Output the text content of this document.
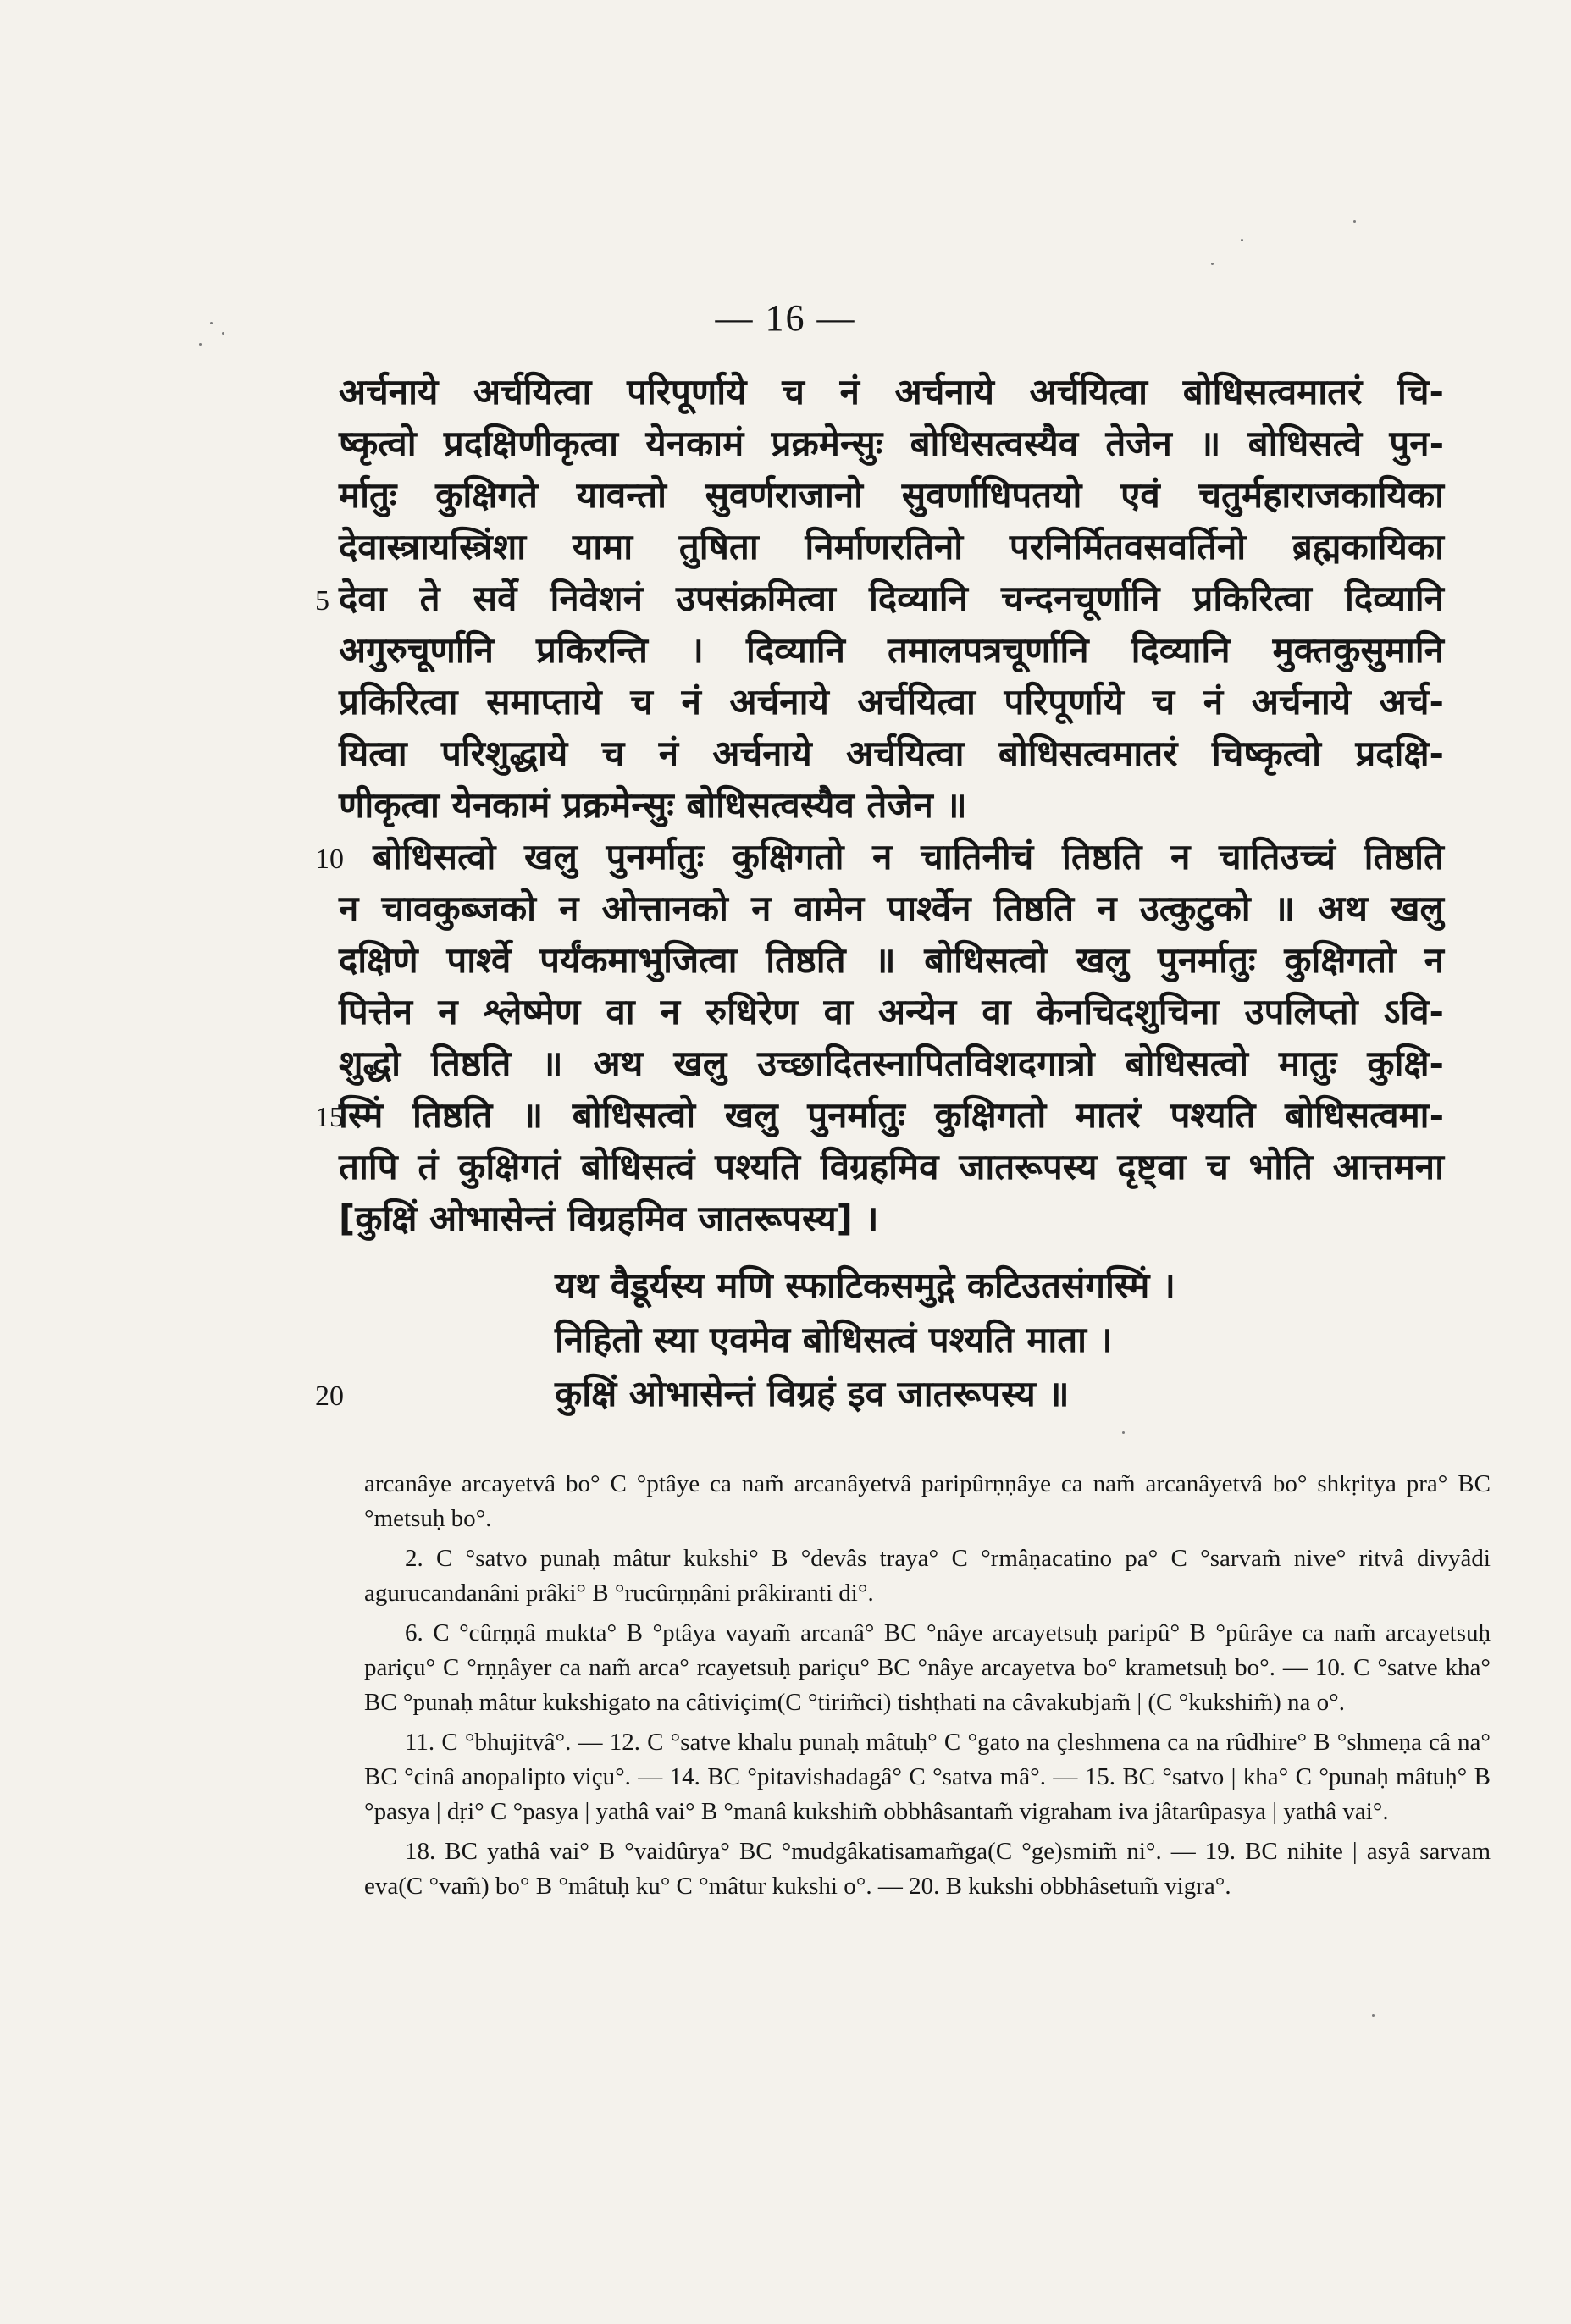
— 16 —
अर्चनाये अर्चयित्वा परिपूर्णाये च नं अर्चनाये अर्चयित्वा बोधिसत्वमातरं चि-
ष्कृत्वो प्रदक्षिणीकृत्वा येनकामं प्रक्रमेन्सुः बोधिसत्वस्यैव तेजेन ॥ बोधिसत्वे पुन-
र्मातुः कुक्षिगते यावन्तो सुवर्णराजानो सुवर्णाधिपतयो एवं चतुर्महाराजकायिका
देवास्त्रायस्त्रिंशा यामा तुषिता निर्माणरतिनो परनिर्मितवसवर्तिनो ब्रह्मकायिका
देवा ते सर्वे निवेशनं उपसंक्रमित्वा दिव्यानि चन्दनचूर्णानि प्रकिरित्वा दिव्यानि
अगुरुचूर्णानि प्रकिरन्ति । दिव्यानि तमालपत्रचूर्णानि दिव्यानि मुक्तकुसुमानि
प्रकिरित्वा समाप्ताये च नं अर्चनाये अर्चयित्वा परिपूर्णाये च नं अर्चनाये अर्च-
यित्वा परिशुद्धाये च नं अर्चनाये अर्चयित्वा बोधिसत्वमातरं चिष्कृत्वो प्रदक्षि-
णीकृत्वा येनकामं प्रक्रमेन्सुः बोधिसत्वस्यैव तेजेन ॥
बोधिसत्वो खलु पुनर्मातुः कुक्षिगतो न चातिनीचं तिष्ठति न चातिउच्चं तिष्ठति
न चावकुब्जको न ओत्तानको न वामेन पार्श्वेन तिष्ठति न उत्कुटुको ॥ अथ खलु
दक्षिणे पार्श्वे पर्यंकमाभुजित्वा तिष्ठति ॥ बोधिसत्वो खलु पुनर्मातुः कुक्षिगतो न
पित्तेन न श्लेष्मेण वा न रुधिरेण वा अन्येन वा केनचिदशुचिना उपलिप्तो ऽवि-
शुद्धो तिष्ठति ॥ अथ खलु उच्छादितस्नापितविशदगात्रो बोधिसत्वो मातुः कुक्षि-
स्मिं तिष्ठति ॥ बोधिसत्वो खलु पुनर्मातुः कुक्षिगतो मातरं पश्यति बोधिसत्वमा-
तापि तं कुक्षिगतं बोधिसत्वं पश्यति विग्रहमिव जातरूपस्य दृष्ट्वा च भोति आत्तमना
[कुक्षिं ओभासेन्तं विग्रहमिव जातरूपस्य] ।
यथ वैडूर्यस्य मणि स्फाटिकसमुद्गे कटिउतसंगस्मिं ।
निहितो स्या एवमेव बोधिसत्वं पश्यति माता ।
कुक्षिं ओभासेन्तं विग्रहं इव जातरूपस्य ॥
5
10
15
20

arcanâye arcayetvâ bo° C °ptâye ca nam̃ arcanâyetvâ paripûrṇṇâye ca nam̃ arcanâyetvâ bo° shkṛitya pra° BC °metsuḥ bo°.

2. C °satvo punaḥ mâtur kukshi° B °devâs traya° C °rmâṇacatino pa° C °sarvam̃ nive° ritvâ divyâdi agurucandanâni prâki° B °rucûrṇṇâni prâkiranti di°.

6. C °cûrṇṇâ mukta° B °ptâya vayam̃ arcanâ° BC °nâye arcayetsuḥ paripû° B °pûrâye ca nam̃ arcayetsuḥ pariçu° C °rṇṇâyer ca nam̃ arca° rcayetsuḥ pariçu° BC °nâye arcayetva bo° krametsuḥ bo°. — 10. C °satve kha° BC °punaḥ mâtur kukshigato na câtiviçim(C °tirim̃ci) tishṭhati na câvakubjam̃ | (C °kukshim̃) na o°.

11. C °bhujitvâ°. — 12. C °satve khalu punaḥ mâtuḥ° C °gato na çleshmena ca na rûdhire° B °shmeṇa câ na° BC °cinâ anopalipto viçu°. — 14. BC °pitavishadagâ° C °satva mâ°. — 15. BC °satvo | kha° C °punaḥ mâtuḥ° B °pasya | dṛi° C °pasya | yathâ vai° B °manâ kukshim̃ obbhâsantam̃ vigraham iva jâtarûpasya | yathâ vai°.

18. BC yathâ vai° B °vaidûrya° BC °mudgâkatisamam̃ga(C °ge)smim̃ ni°. — 19. BC nihite | asyâ sarvam eva(C °vam̃) bo° B °mâtuḥ ku° C °mâtur kukshi o°. — 20. B kukshi obbhâsetum̃ vigra°.
